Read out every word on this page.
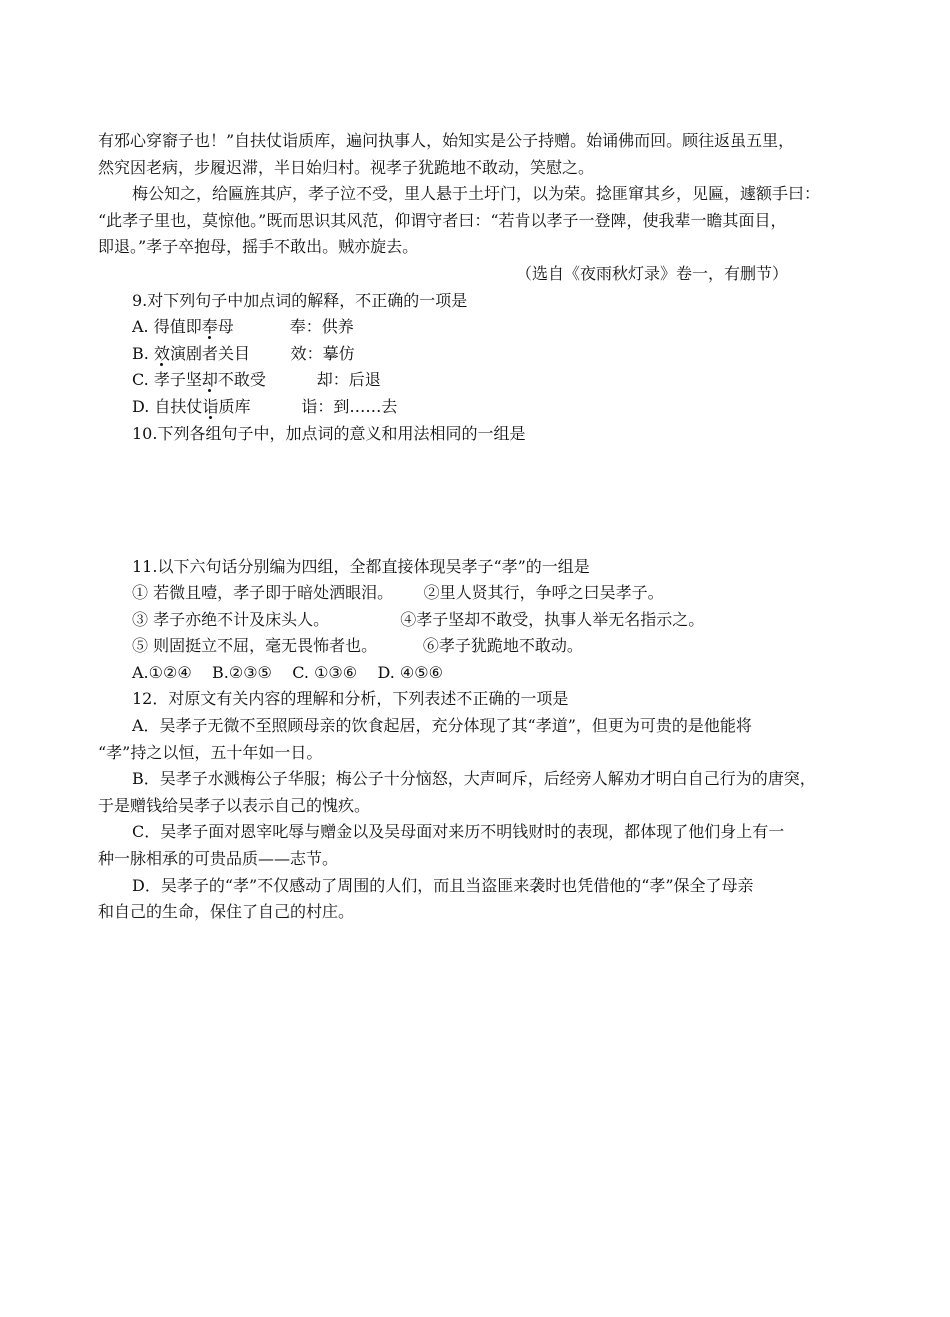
有邪心穿窬子也！”自扶仗诣质库，遍问执事人，始知实是公子持赠。始诵佛而回。顾往返虽五里，
然究因老病，步履迟滞，半日始归村。视孝子犹跪地不敢动，笑慰之。
梅公知之，给匾旌其庐，孝子泣不受，里人悬于土圩门，以为荣。捻匪窜其乡，见匾，遽额手曰：
“此孝子里也，莫惊他。”既而思识其风范，仰谓守者曰：“若肯以孝子一登陴，使我辈一瞻其面目，
即退。”孝子卒抱母，摇手不敢出。贼亦旋去。
（选自《夜雨秋灯录》卷一，有删节）
9.对下列句子中加点词的解释，不正确的一项是
A. 得值即奉母           奉：供养
B. 效演剧者关目        效：摹仿
C. 孝子坚却不敢受          却：后退
D. 自扶仗诣质库          诣：到……去
10.下列各组句子中，加点词的意义和用法相同的一组是

11.以下六句话分别编为四组，全都直接体现吴孝子“孝”的一组是
① 若微且噎，孝子即于暗处洒眼泪。      ②里人贤其行，争呼之曰吴孝子。
③ 孝子亦绝不计及床头人。              ④孝子坚却不敢受，执事人举无名指示之。
⑤ 则固挺立不屈，毫无畏怖者也。         ⑥孝子犹跪地不敢动。
A.①②④    B.②③⑤    C. ①③⑥    D. ④⑤⑥
12．对原文有关内容的理解和分析，下列表述不正确的一项是
A．吴孝子无微不至照顾母亲的饮食起居，充分体现了其“孝道”，但更为可贵的是他能将
“孝”持之以恒，五十年如一日。
B．吴孝子水溅梅公子华服；梅公子十分恼怒，大声呵斥，后经旁人解劝才明白自己行为的唐突，
于是赠钱给吴孝子以表示自己的愧疚。
C．吴孝子面对恩宰叱辱与赠金以及吴母面对来历不明钱财时的表现，都体现了他们身上有一
种一脉相承的可贵品质——志节。
D．吴孝子的“孝”不仅感动了周围的人们，而且当盗匪来袭时也凭借他的“孝”保全了母亲
和自己的生命，保住了自己的村庄。
